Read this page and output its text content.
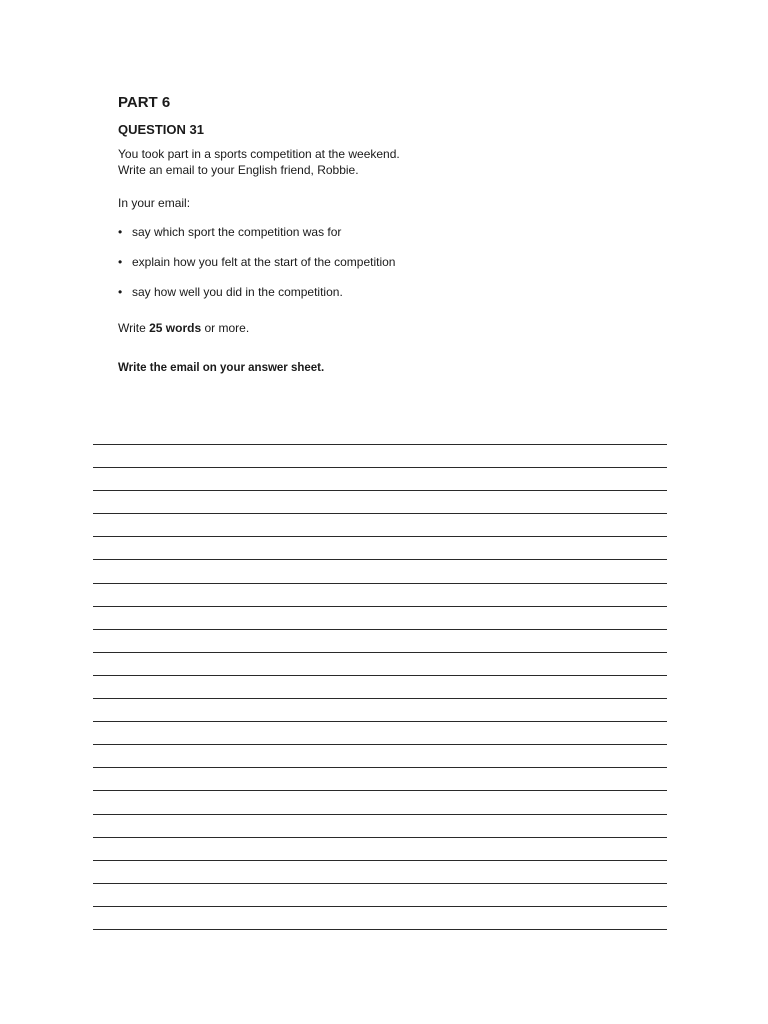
PART 6
QUESTION 31

You took part in a sports competition at the weekend.
Write an email to your English friend, Robbie.

In your email:

• say which sport the competition was for
• explain how you felt at the start of the competition
• say how well you did in the competition.

Write 25 words or more.

Write the email on your answer sheet.
